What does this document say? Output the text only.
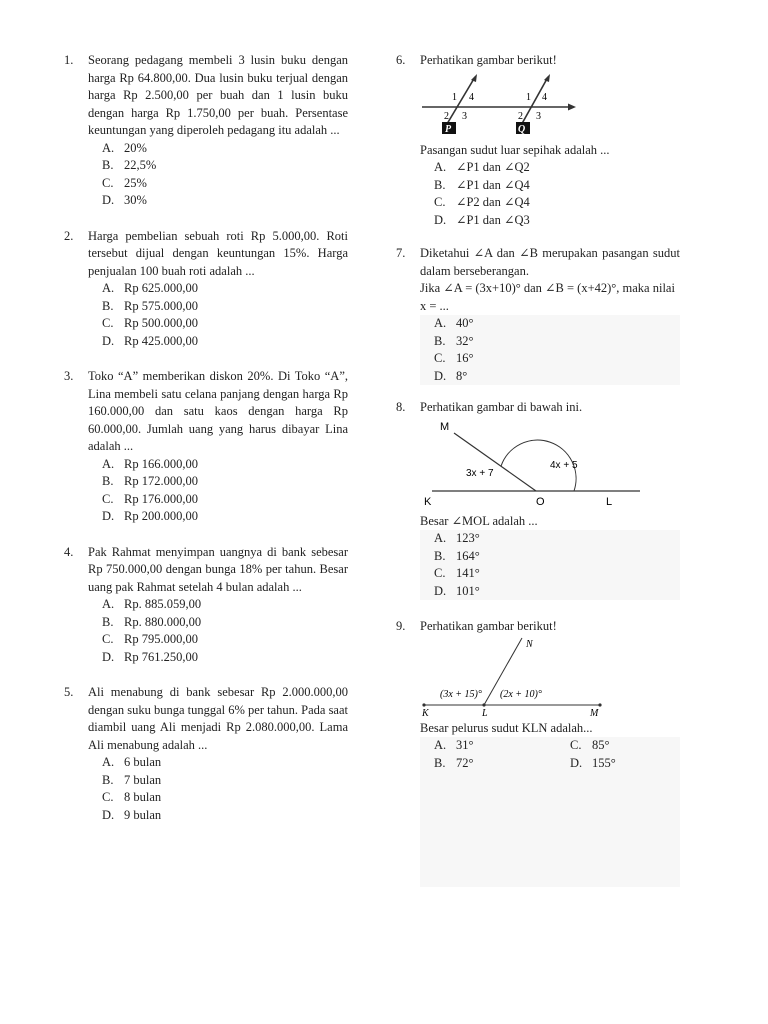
1. Seorang pedagang membeli 3 lusin buku dengan harga Rp 64.800,00. Dua lusin buku terjual dengan harga Rp 2.500,00 per buah dan 1 lusin buku dengan harga Rp 1.750,00 per buah. Persentase keuntungan yang diperoleh pedagang itu adalah ...
A. 20%
B. 22,5%
C. 25%
D. 30%
2. Harga pembelian sebuah roti Rp 5.000,00. Roti tersebut dijual dengan keuntungan 15%. Harga penjualan 100 buah roti adalah ...
A. Rp 625.000,00
B. Rp 575.000,00
C. Rp 500.000,00
D. Rp 425.000,00
3. Toko “A” memberikan diskon 20%. Di Toko “A”, Lina membeli satu celana panjang dengan harga Rp 160.000,00 dan satu kaos dengan harga Rp 60.000,00. Jumlah uang yang harus dibayar Lina adalah ...
A. Rp 166.000,00
B. Rp 172.000,00
C. Rp 176.000,00
D. Rp 200.000,00
4. Pak Rahmat menyimpan uangnya di bank sebesar Rp 750.000,00 dengan bunga 18% per tahun. Besar uang pak Rahmat setelah 4 bulan adalah ...
A. Rp. 885.059,00
B. Rp. 880.000,00
C. Rp 795.000,00
D. Rp 761.250,00
5. Ali menabung di bank sebesar Rp 2.000.000,00 dengan suku bunga tunggal 6% per tahun. Pada saat diambil uang Ali menjadi Rp 2.080.000,00. Lama Ali menabung adalah ...
A. 6 bulan
B. 7 bulan
C. 8 bulan
D. 9 bulan
6. Perhatikan gambar berikut!
1 4
2 3
1 4
2 3
P	Q
Pasangan sudut luar sepihak adalah ...
A. ∠P1 dan ∠Q2
B. ∠P1 dan ∠Q4
C. ∠P2 dan ∠Q4
D. ∠P1 dan ∠Q3
7. Diketahui ∠A dan ∠B merupakan pasangan sudut dalam berseberangan.
Jika ∠A = (3x+10)° dan ∠B = (x+42)°, maka nilai x = ...
A. 40°
B. 32°
C. 16°
D. 8°
8. Perhatikan gambar di bawah ini.
M
3x + 7
4x + 5
K	O	L
Besar ∠MOL adalah ...
A. 123°
B. 164°
C. 141°
D. 101°
9. Perhatikan gambar berikut!
N
(3x + 15)° (2x + 10)°
K	L	M
Besar pelurus sudut KLN adalah...
A. 31°	C. 85°
B. 72°	D. 155°
